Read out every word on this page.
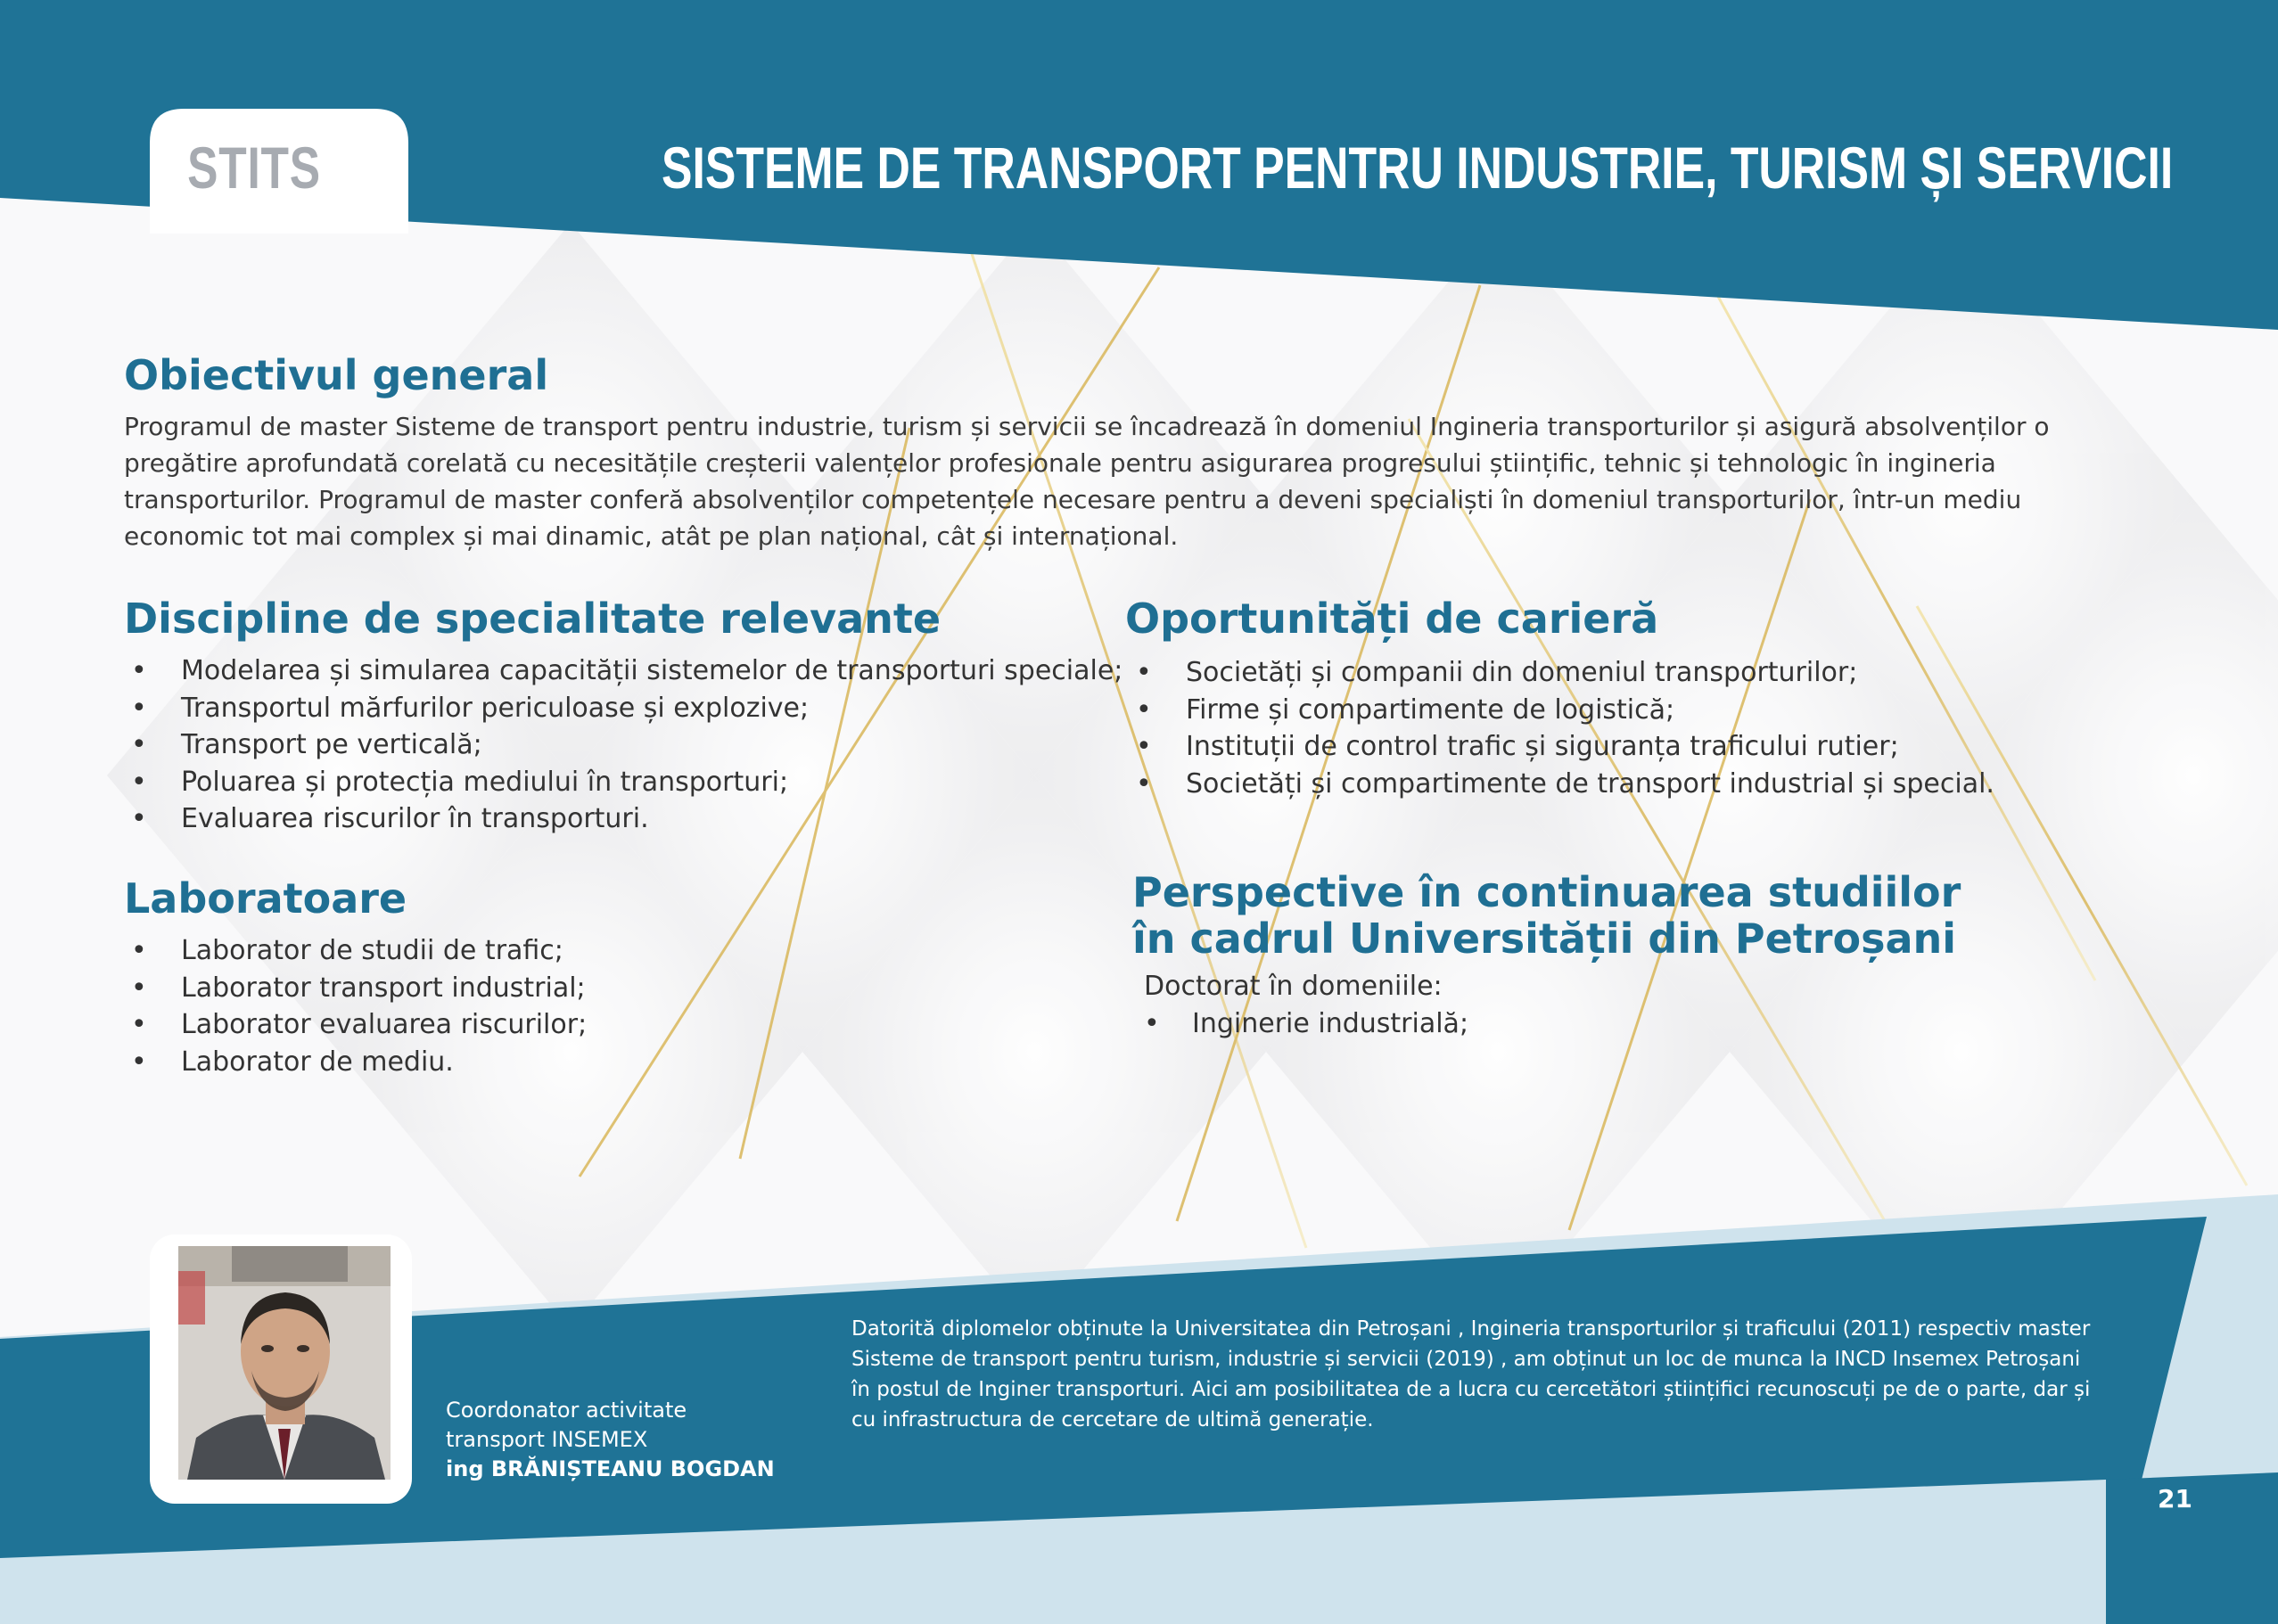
STITS	SISTEME DE TRANSPORT PENTRU INDUSTRIE, TURISM ȘI SERVICII
Obiectivul general
Programul de master Sisteme de transport pentru industrie, turism și servicii se încadrează în domeniul Ingineria transporturilor și asigură absolvenților o pregătire aprofundată corelată cu necesitățile creșterii valențelor profesionale pentru asigurarea progresului științific, tehnic și tehnologic în ingineria transporturilor. Programul de master conferă absolvenților competențele necesare pentru a deveni specialiști în domeniul transporturilor, într-un mediu economic tot mai complex și mai dinamic, atât pe plan național, cât și internațional.
Discipline de specialitate relevante
• Modelarea și simularea capacității sistemelor de transporturi speciale;
• Transportul mărfurilor periculoase și explozive;
• Transport pe verticală;
• Poluarea și protecția mediului în transporturi;
• Evaluarea riscurilor în transporturi.
Oportunități de carieră
• Societăți și companii din domeniul transporturilor;
• Firme și compartimente de logistică;
• Instituții de control trafic și siguranța traficului rutier;
• Societăți și compartimente de transport industrial și special.
Laboratoare
• Laborator de studii de trafic;
• Laborator transport industrial;
• Laborator evaluarea riscurilor;
• Laborator de mediu.
Perspective în continuarea studiilor
în cadrul Universității din Petroșani
Doctorat în domeniile:
• Inginerie industrială;
Coordonator activitate
transport INSEMEX
ing BRĂNIȘTEANU BOGDAN
Datorită diplomelor obținute la Universitatea din Petroșani , Ingineria transporturilor și traficului (2011) respectiv master Sisteme de transport pentru turism, industrie și servicii (2019) , am obținut un loc de munca la INCD Insemex Petroșani în postul de Inginer transporturi. Aici am posibilitatea de a lucra cu cercetători științifici recunoscuți pe de o parte, dar și cu infrastructura de cercetare de ultimă generație.
21
